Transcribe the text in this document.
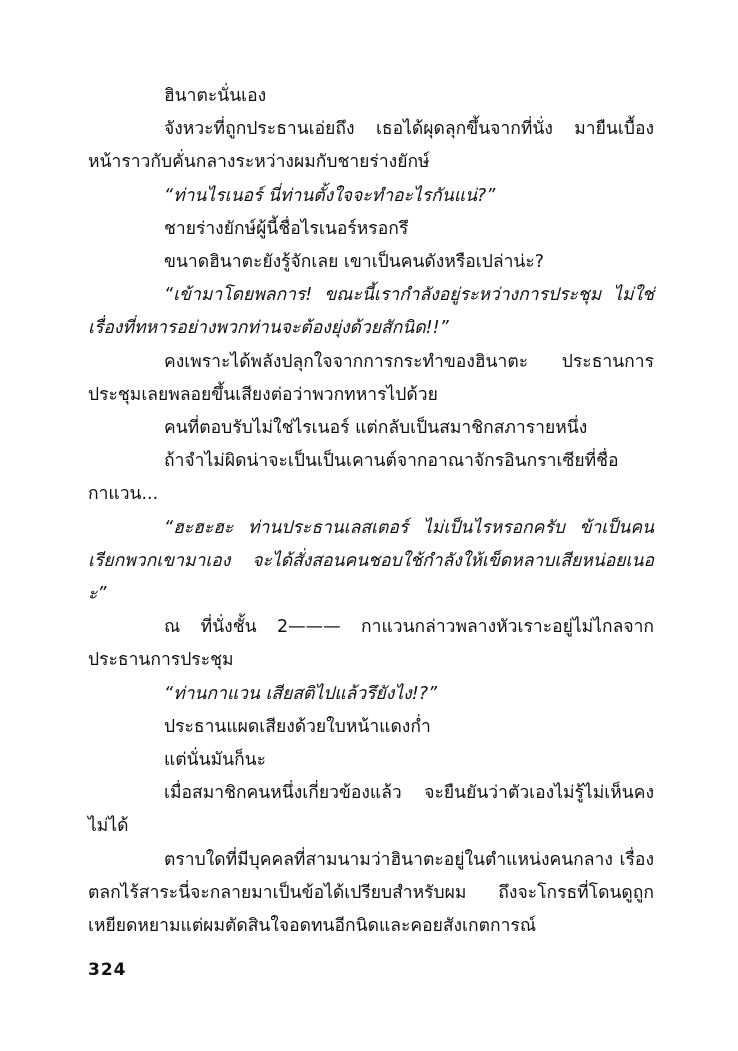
ฮินาตะนั่นเอง

จังหวะที่ถูกประธานเอ่ยถึง เธอได้ผุดลุกขึ้นจากที่นั่ง มายืนเบื้องหน้าราวกับคั่นกลางระหว่างผมกับชายร่างยักษ์

“ท่านไรเนอร์ นี่ท่านตั้งใจจะทำอะไรกันแน่?”

ชายร่างยักษ์ผู้นี้ชื่อไรเนอร์หรอกรึ

ขนาดฮินาตะยังรู้จักเลย เขาเป็นคนดังหรือเปล่าน่ะ?

“เข้ามาโดยพลการ! ขณะนี้เรากำลังอยู่ระหว่างการประชุม ไม่ใช่เรื่องที่ทหารอย่างพวกท่านจะต้องยุ่งด้วยสักนิด!!”

คงเพราะได้พลังปลุกใจจากการกระทำของฮินาตะ ประธานการประชุมเลยพลอยขึ้นเสียงต่อว่าพวกทหารไปด้วย

คนที่ตอบรับไม่ใช่ไรเนอร์ แต่กลับเป็นสมาชิกสภารายหนึ่ง

ถ้าจำไม่ผิดน่าจะเป็นเป็นเคานต์จากอาณาจักรอินกราเซียที่ชื่อกาแวน...

“ฮะฮะฮะ ท่านประธานเลสเตอร์ ไม่เป็นไรหรอกครับ ข้าเป็นคนเรียกพวกเขามาเอง จะได้สั่งสอนคนชอบใช้กำลังให้เข็ดหลาบเสียหน่อยเนอะ”

ณ ที่นั่งชั้น 2——— กาแวนกล่าวพลางหัวเราะอยู่ไม่ไกลจากประธานการประชุม

“ท่านกาแวน เสียสติไปแล้วรึยังไง!?”

ประธานแผดเสียงด้วยใบหน้าแดงก่ำ

แต่นั่นมันก็นะ

เมื่อสมาชิกคนหนึ่งเกี่ยวข้องแล้ว จะยืนยันว่าตัวเองไม่รู้ไม่เห็นคงไม่ได้

ตราบใดที่มีบุคคลที่สามนามว่าฮินาตะอยู่ในตำแหน่งคนกลาง เรื่องตลกไร้สาระนี่จะกลายมาเป็นข้อได้เปรียบสำหรับผม ถึงจะโกรธที่โดนดูถูกเหยียดหยามแต่ผมตัดสินใจอดทนอีกนิดและคอยสังเกตการณ์

324
